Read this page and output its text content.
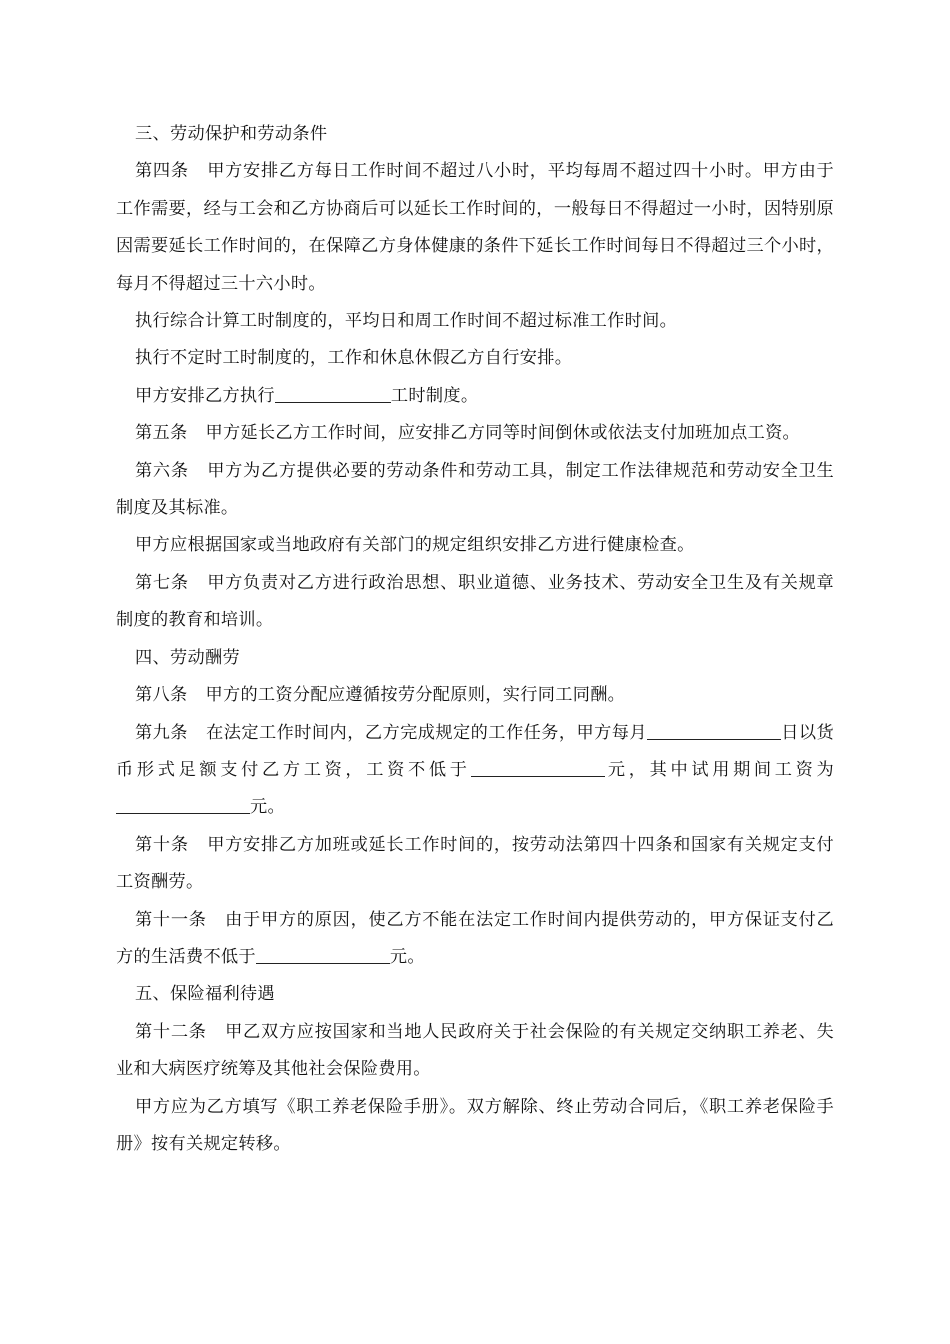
三、劳动保护和劳动条件

第四条 甲方安排乙方每日工作时间不超过八小时，平均每周不超过四十小时。甲方由于工作需要，经与工会和乙方协商后可以延长工作时间的，一般每日不得超过一小时，因特别原因需要延长工作时间的，在保障乙方身体健康的条件下延长工作时间每日不得超过三个小时，每月不得超过三十六小时。

执行综合计算工时制度的，平均日和周工作时间不超过标准工作时间。

执行不定时工时制度的，工作和休息休假乙方自行安排。

甲方安排乙方执行	工时制度。

第五条 甲方延长乙方工作时间，应安排乙方同等时间倒休或依法支付加班加点工资。

第六条 甲方为乙方提供必要的劳动条件和劳动工具，制定工作法律规范和劳动安全卫生制度及其标准。

甲方应根据国家或当地政府有关部门的规定组织安排乙方进行健康检查。

第七条 甲方负责对乙方进行政治思想、职业道德、业务技术、劳动安全卫生及有关规章制度的教育和培训。

四、劳动酬劳

第八条 甲方的工资分配应遵循按劳分配原则，实行同工同酬。

第九条 在法定工作时间内，乙方完成规定的工作任务，甲方每月	日以货币形式足额支付乙方工资，工资不低于	元，其中试用期间工资为元。

第十条 甲方安排乙方加班或延长工作时间的，按劳动法第四十四条和国家有关规定支付工资酬劳。

第十一条 由于甲方的原因，使乙方不能在法定工作时间内提供劳动的，甲方保证支付乙方的生活费不低于	元。

五、保险福利待遇

第十二条 甲乙双方应按国家和当地人民政府关于社会保险的有关规定交纳职工养老、失业和大病医疗统筹及其他社会保险费用。

甲方应为乙方填写《职工养老保险手册》。双方解除、终止劳动合同后，《职工养老保险手册》按有关规定转移。
